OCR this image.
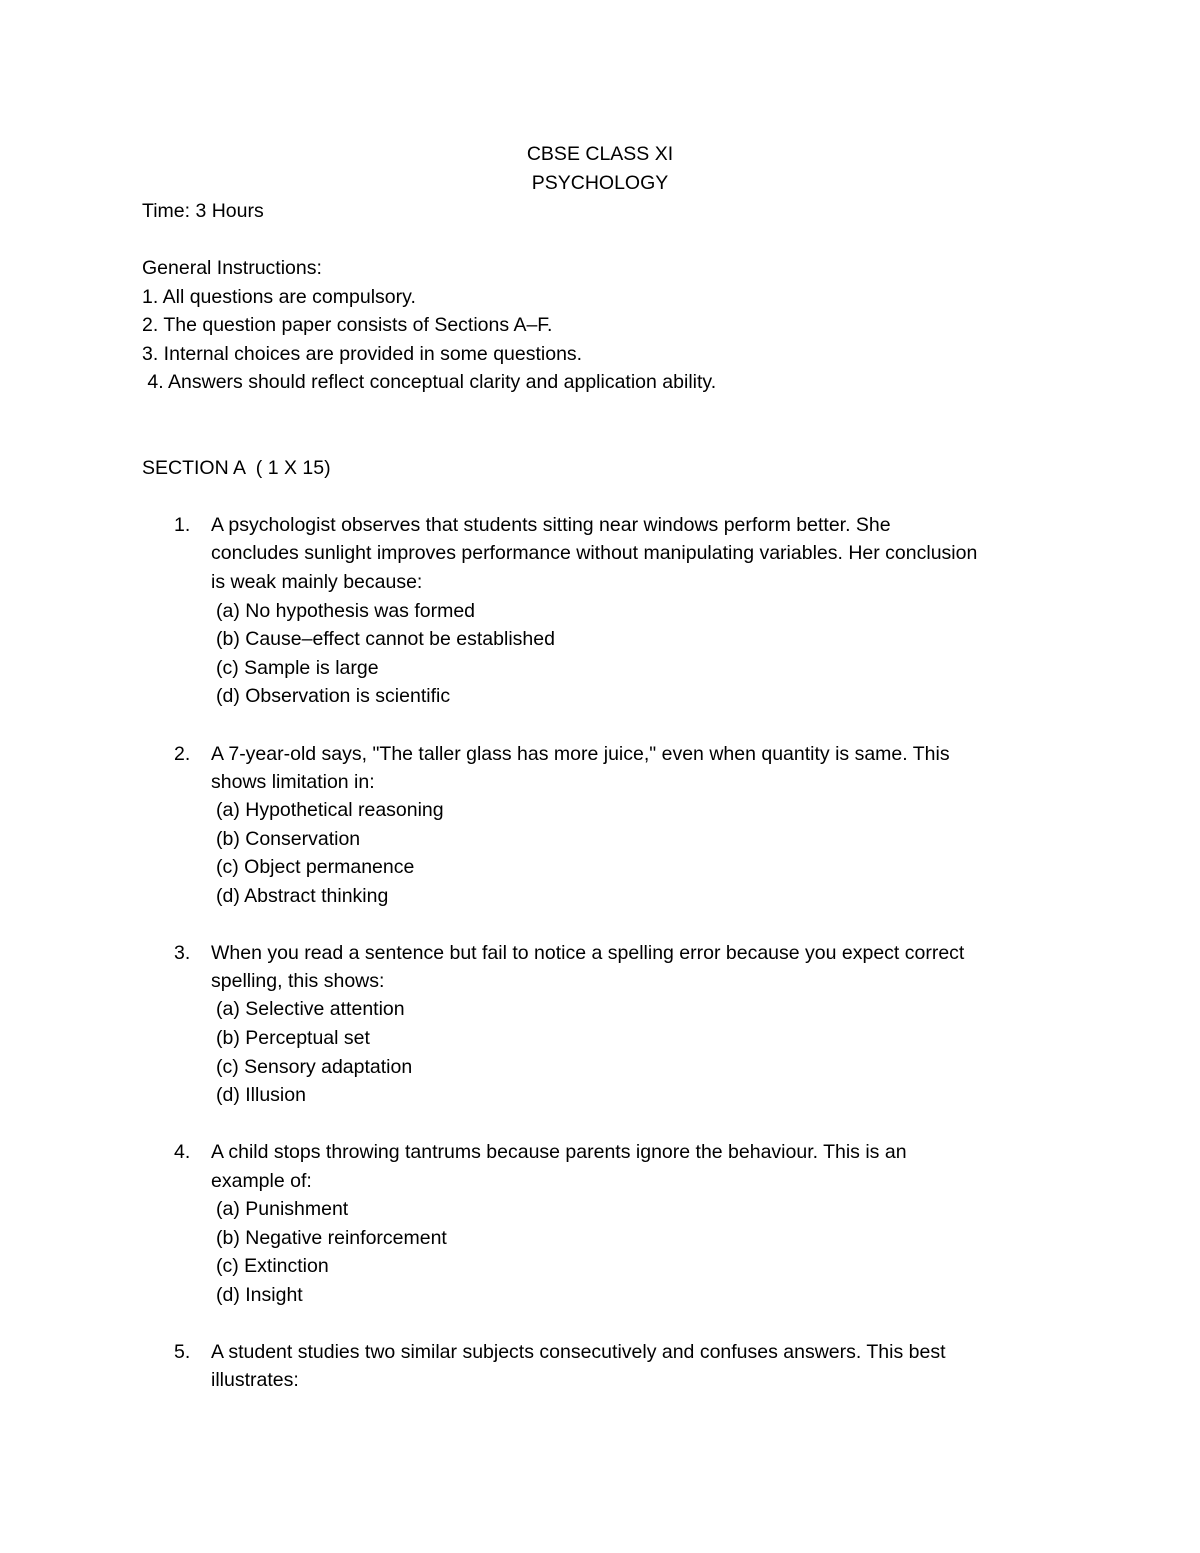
CBSE CLASS XI
PSYCHOLOGY
Time: 3 Hours
General Instructions:
1. All questions are compulsory.
2. The question paper consists of Sections A–F.
3. Internal choices are provided in some questions.
4. Answers should reflect conceptual clarity and application ability.
SECTION A  ( 1 X 15)
1. A psychologist observes that students sitting near windows perform better. She
concludes sunlight improves performance without manipulating variables. Her conclusion
is weak mainly because:
(a) No hypothesis was formed
(b) Cause–effect cannot be established
(c) Sample is large
(d) Observation is scientific
2. A 7-year-old says, "The taller glass has more juice," even when quantity is same. This
shows limitation in:
(a) Hypothetical reasoning
(b) Conservation
(c) Object permanence
(d) Abstract thinking
3. When you read a sentence but fail to notice a spelling error because you expect correct
spelling, this shows:
(a) Selective attention
(b) Perceptual set
(c) Sensory adaptation
(d) Illusion
4. A child stops throwing tantrums because parents ignore the behaviour. This is an
example of:
(a) Punishment
(b) Negative reinforcement
(c) Extinction
(d) Insight
5. A student studies two similar subjects consecutively and confuses answers. This best
illustrates:
